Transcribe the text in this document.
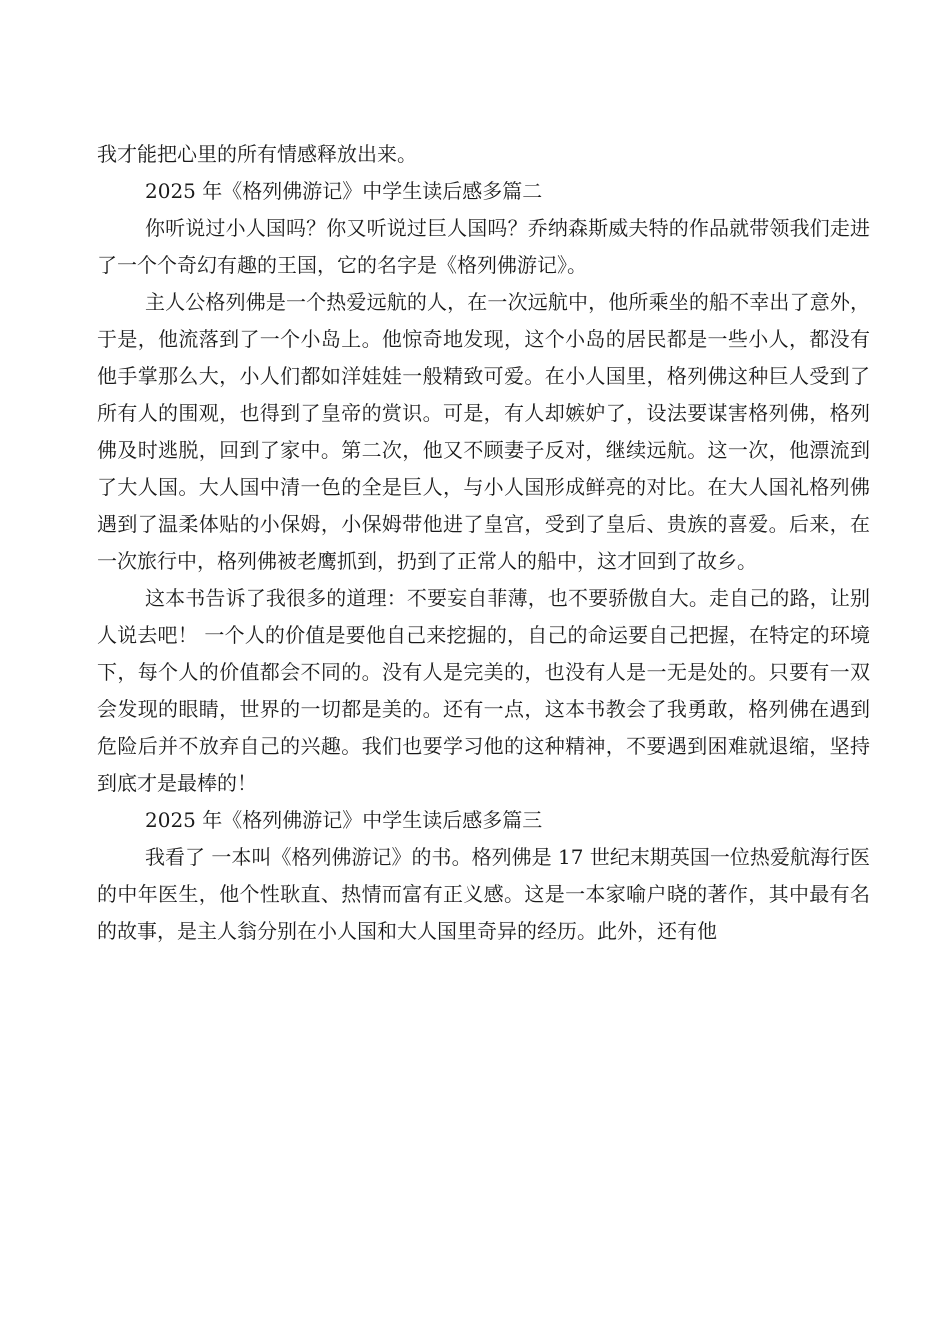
我才能把心里的所有情感释放出来。

2025 年《格列佛游记》中学生读后感多篇二

你听说过小人国吗？你又听说过巨人国吗？乔纳森斯威夫特的作品就带领我们走进了一个个奇幻有趣的王国，它的名字是《格列佛游记》。

主人公格列佛是一个热爱远航的人，在一次远航中，他所乘坐的船不幸出了意外，于是，他流落到了一个小岛上。他惊奇地发现，这个小岛的居民都是一些小人，都没有他手掌那么大，小人们都如洋娃娃一般精致可爱。在小人国里，格列佛这种巨人受到了所有人的围观，也得到了皇帝的赏识。可是，有人却嫉妒了，设法要谋害格列佛，格列佛及时逃脱，回到了家中。第二次，他又不顾妻子反对，继续远航。这一次，他漂流到了大人国。大人国中清一色的全是巨人，与小人国形成鲜亮的对比。在大人国礼格列佛遇到了温柔体贴的小保姆，小保姆带他进了皇宫，受到了皇后、贵族的喜爱。后来，在一次旅行中，格列佛被老鹰抓到，扔到了正常人的船中，这才回到了故乡。

这本书告诉了我很多的道理：不要妄自菲薄，也不要骄傲自大。走自己的路，让别人说去吧！ 一个人的价值是要他自己来挖掘的，自己的命运要自己把握，在特定的环境下，每个人的价值都会不同的。没有人是完美的，也没有人是一无是处的。只要有一双会发现的眼睛，世界的一切都是美的。还有一点，这本书教会了我勇敢，格列佛在遇到危险后并不放弃自己的兴趣。我们也要学习他的这种精神，不要遇到困难就退缩，坚持到底才是最棒的！

2025 年《格列佛游记》中学生读后感多篇三

我看了 一本叫《格列佛游记》的书。格列佛是 17 世纪末期英国一位热爱航海行医的中年医生，他个性耿直、热情而富有正义感。这是一本家喻户晓的著作，其中最有名的故事，是主人翁分别在小人国和大人国里奇异的经历。此外，还有他
